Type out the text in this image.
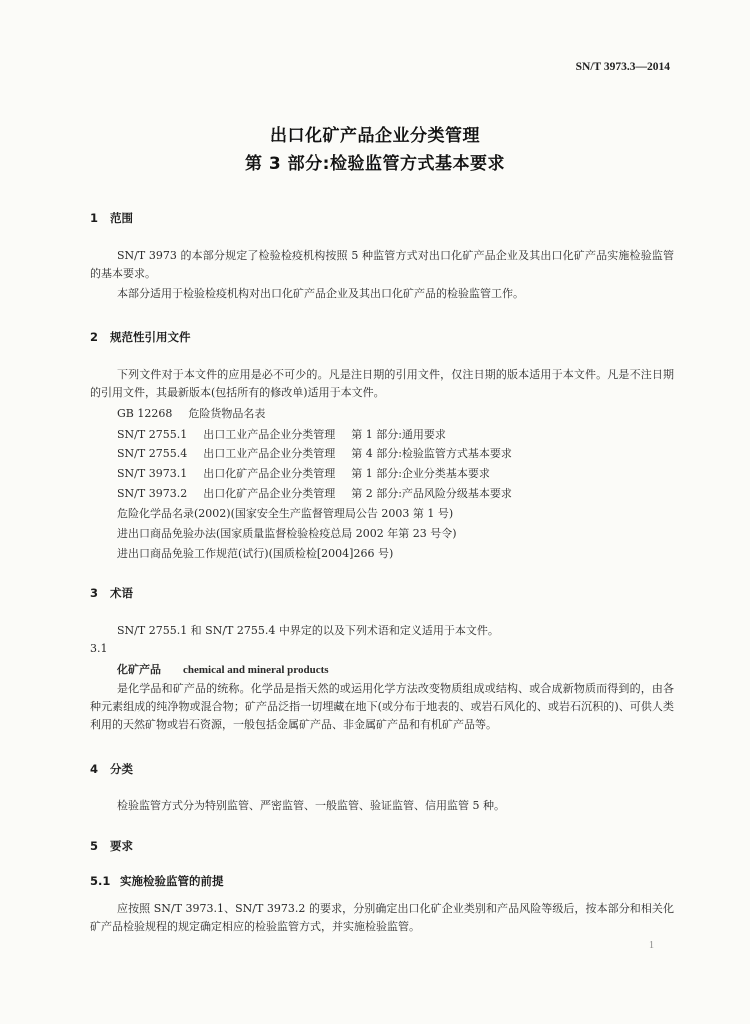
SN/T 3973.3—2014
出口化矿产品企业分类管理
第 3 部分:检验监管方式基本要求
1 范围
SN/T 3973 的本部分规定了检验检疫机构按照 5 种监管方式对出口化矿产品企业及其出口化矿产品实施检验监管的基本要求。
本部分适用于检验检疫机构对出口化矿产品企业及其出口化矿产品的检验监管工作。
2 规范性引用文件
下列文件对于本文件的应用是必不可少的。凡是注日期的引用文件，仅注日期的版本适用于本文件。凡是不注日期的引用文件，其最新版本(包括所有的修改单)适用于本文件。
GB 12268 危险货物品名表
SN/T 2755.1 出口工业产品企业分类管理 第 1 部分:通用要求
SN/T 2755.4 出口工业产品企业分类管理 第 4 部分:检验监管方式基本要求
SN/T 3973.1 出口化矿产品企业分类管理 第 1 部分:企业分类基本要求
SN/T 3973.2 出口化矿产品企业分类管理 第 2 部分:产品风险分级基本要求
危险化学品名录(2002)(国家安全生产监督管理局公告 2003 第 1 号)
进出口商品免验办法(国家质量监督检验检疫总局 2002 年第 23 号令)
进出口商品免验工作规范(试行)(国质检检[2004]266 号)
3 术语
SN/T 2755.1 和 SN/T 2755.4 中界定的以及下列术语和定义适用于本文件。
3.1
化矿产品 chemical and mineral products
是化学品和矿产品的统称。化学品是指天然的或运用化学方法改变物质组成或结构、或合成新物质而得到的，由各种元素组成的纯净物或混合物；矿产品泛指一切埋藏在地下(或分布于地表的、或岩石风化的、或岩石沉积的)、可供人类利用的天然矿物或岩石资源，一般包括金属矿产品、非金属矿产品和有机矿产品等。
4 分类
检验监管方式分为特别监管、严密监管、一般监管、验证监管、信用监管 5 种。
5 要求
5.1 实施检验监管的前提
应按照 SN/T 3973.1、SN/T 3973.2 的要求，分别确定出口化矿企业类别和产品风险等级后，按本部分和相关化矿产品检验规程的规定确定相应的检验监管方式，并实施检验监管。
1
